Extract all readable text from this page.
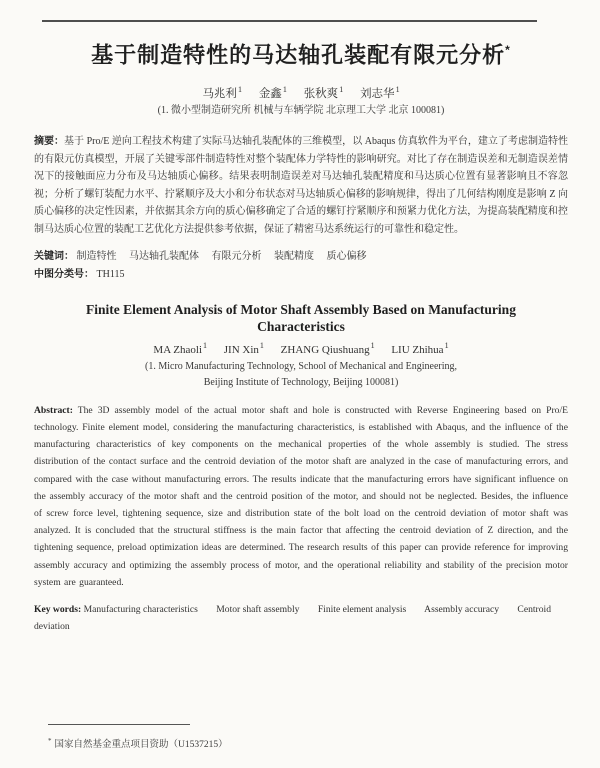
基于制造特性的马达轴孔装配有限元分析*
马兆利$^1$ 金鑫$^1$ 张秋爽$^1$ 刘志华$^1$
(1. 微小型制造研究所 机械与车辆学院 北京理工大学 北京 100081)

摘要：基于 Pro/E 逆向工程技术构建了实际马达轴孔装配体的三维模型，以 Abaqus 仿真软件为平台，建立了考虑制造特性的有限元仿真模型，开展了关键零部件制造特性对整个装配体力学特性的影响研究。对比了存在制造误差和无制造误差情况下的接触面应力分布及马达轴质心偏移。结果表明制造误差对马达轴孔装配精度和马达质心位置有显著影响且不容忽视；分析了螺钉装配力水平、拧紧顺序及大小和分布状态对马达轴质心偏移的影响规律，得出了几何结构刚度是影响 Z 向质心偏移的决定性因素，并依据其余方向的质心偏移确定了合适的螺钉拧紧顺序和预紧力优化方法，为提高装配精度和控制马达质心位置的装配工艺优化方法提供参考依据，保证了精密马达系统运行的可靠性和稳定性。

关键词： 制造特性 马达轴孔装配体 有限元分析 装配精度 质心偏移
中图分类号： TH115
Finite Element Analysis of Motor Shaft Assembly Based on Manufacturing
Characteristics
MA Zhaoli$^1$ JIN Xin$^1$ ZHANG Qiushuang$^1$ LIU Zhihua$^1$
(1. Micro Manufacturing Technology, School of Mechanical and Engineering,
Beijing Institute of Technology, Beijing 100081)

Abstract: The 3D assembly model of the actual motor shaft and hole is constructed with Reverse Engineering based on Pro/E technology. Finite element model, considering the manufacturing characteristics, is established with Abaqus, and the influence of the manufacturing characteristics of key components on the mechanical properties of the whole assembly is studied. The stress distribution of the contact surface and the centroid deviation of the motor shaft are analyzed in the case of manufacturing errors, and compared with the case without manufacturing errors. The results indicate that the manufacturing errors have significant influence on the assembly accuracy of the motor shaft and the centroid position of the motor, and should not be neglected. Besides, the influence of screw force level, tightening sequence, size and distribution state of the bolt load on the centroid deviation of motor shaft was analyzed. It is concluded that the structural stiffness is the main factor that affecting the centroid deviation of Z direction, and the tightening sequence, preload optimization ideas are determined. The research results of this paper can provide reference for improving assembly accuracy and optimizing the assembly process of motor, and the operational reliability and stability of the precision motor system are guaranteed.

Key words: Manufacturing characteristics Motor shaft assembly Finite element analysis Assembly accuracy Centroid deviation
* 国家自然基金重点项目资助（U1537215）
